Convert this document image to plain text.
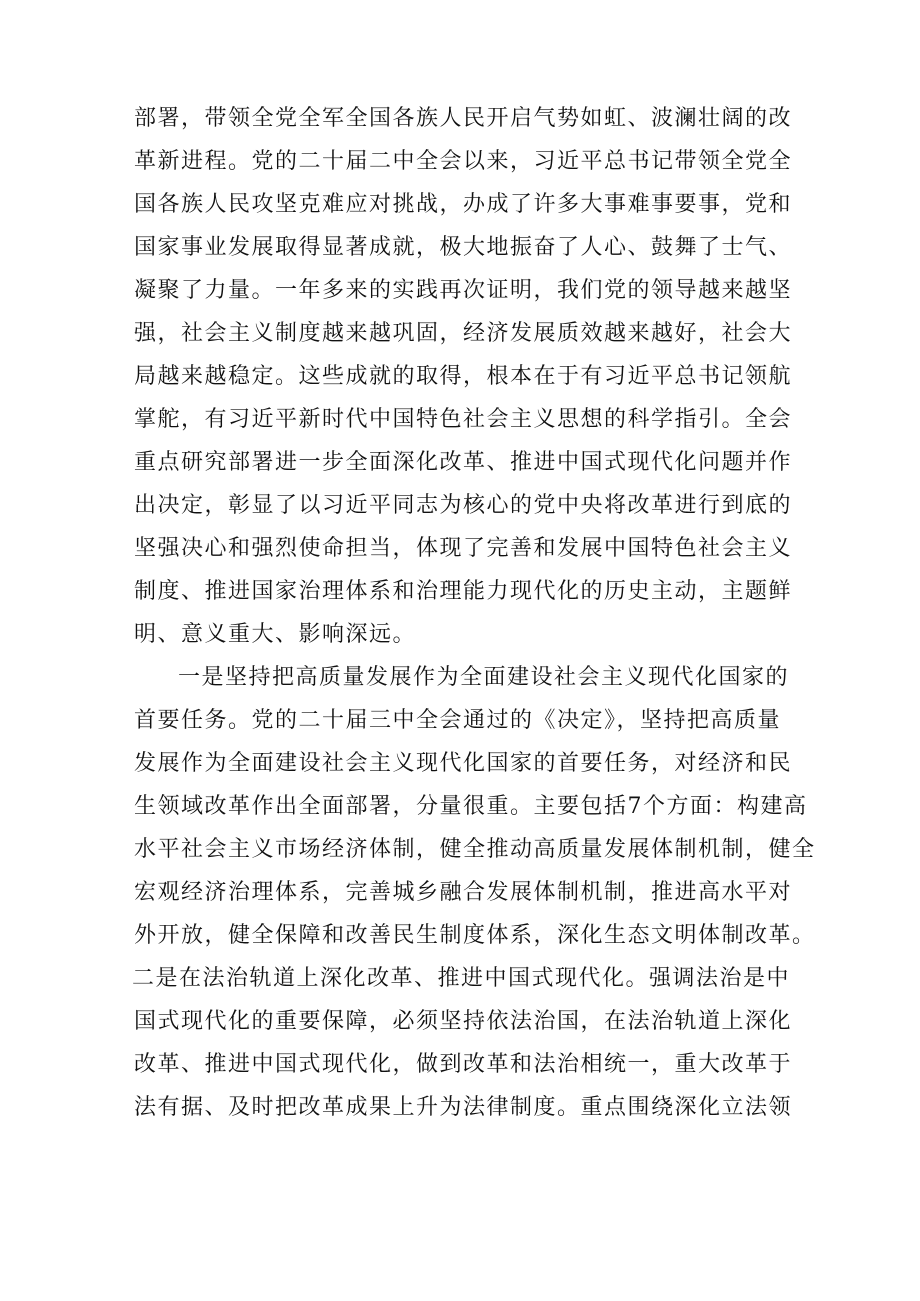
部署，带领全党全军全国各族人民开启气势如虹、波澜壮阔的改
革新进程。党的二十届二中全会以来，习近平总书记带领全党全
国各族人民攻坚克难应对挑战，办成了许多大事难事要事，党和
国家事业发展取得显著成就，极大地振奋了人心、鼓舞了士气、
凝聚了力量。一年多来的实践再次证明，我们党的领导越来越坚
强，社会主义制度越来越巩固，经济发展质效越来越好，社会大
局越来越稳定。这些成就的取得，根本在于有习近平总书记领航
掌舵，有习近平新时代中国特色社会主义思想的科学指引。全会
重点研究部署进一步全面深化改革、推进中国式现代化问题并作
出决定，彰显了以习近平同志为核心的党中央将改革进行到底的
坚强决心和强烈使命担当，体现了完善和发展中国特色社会主义
制度、推进国家治理体系和治理能力现代化的历史主动，主题鲜
明、意义重大、影响深远。
一是坚持把高质量发展作为全面建设社会主义现代化国家的
首要任务。党的二十届三中全会通过的《决定》，坚持把高质量
发展作为全面建设社会主义现代化国家的首要任务，对经济和民
生领域改革作出全面部署，分量很重。主要包括7个方面：构建高
水平社会主义市场经济体制，健全推动高质量发展体制机制，健全
宏观经济治理体系，完善城乡融合发展体制机制，推进高水平对
外开放，健全保障和改善民生制度体系，深化生态文明体制改革。
二是在法治轨道上深化改革、推进中国式现代化。强调法治是中
国式现代化的重要保障，必须坚持依法治国，在法治轨道上深化
改革、推进中国式现代化，做到改革和法治相统一，重大改革于
法有据、及时把改革成果上升为法律制度。重点围绕深化立法领
